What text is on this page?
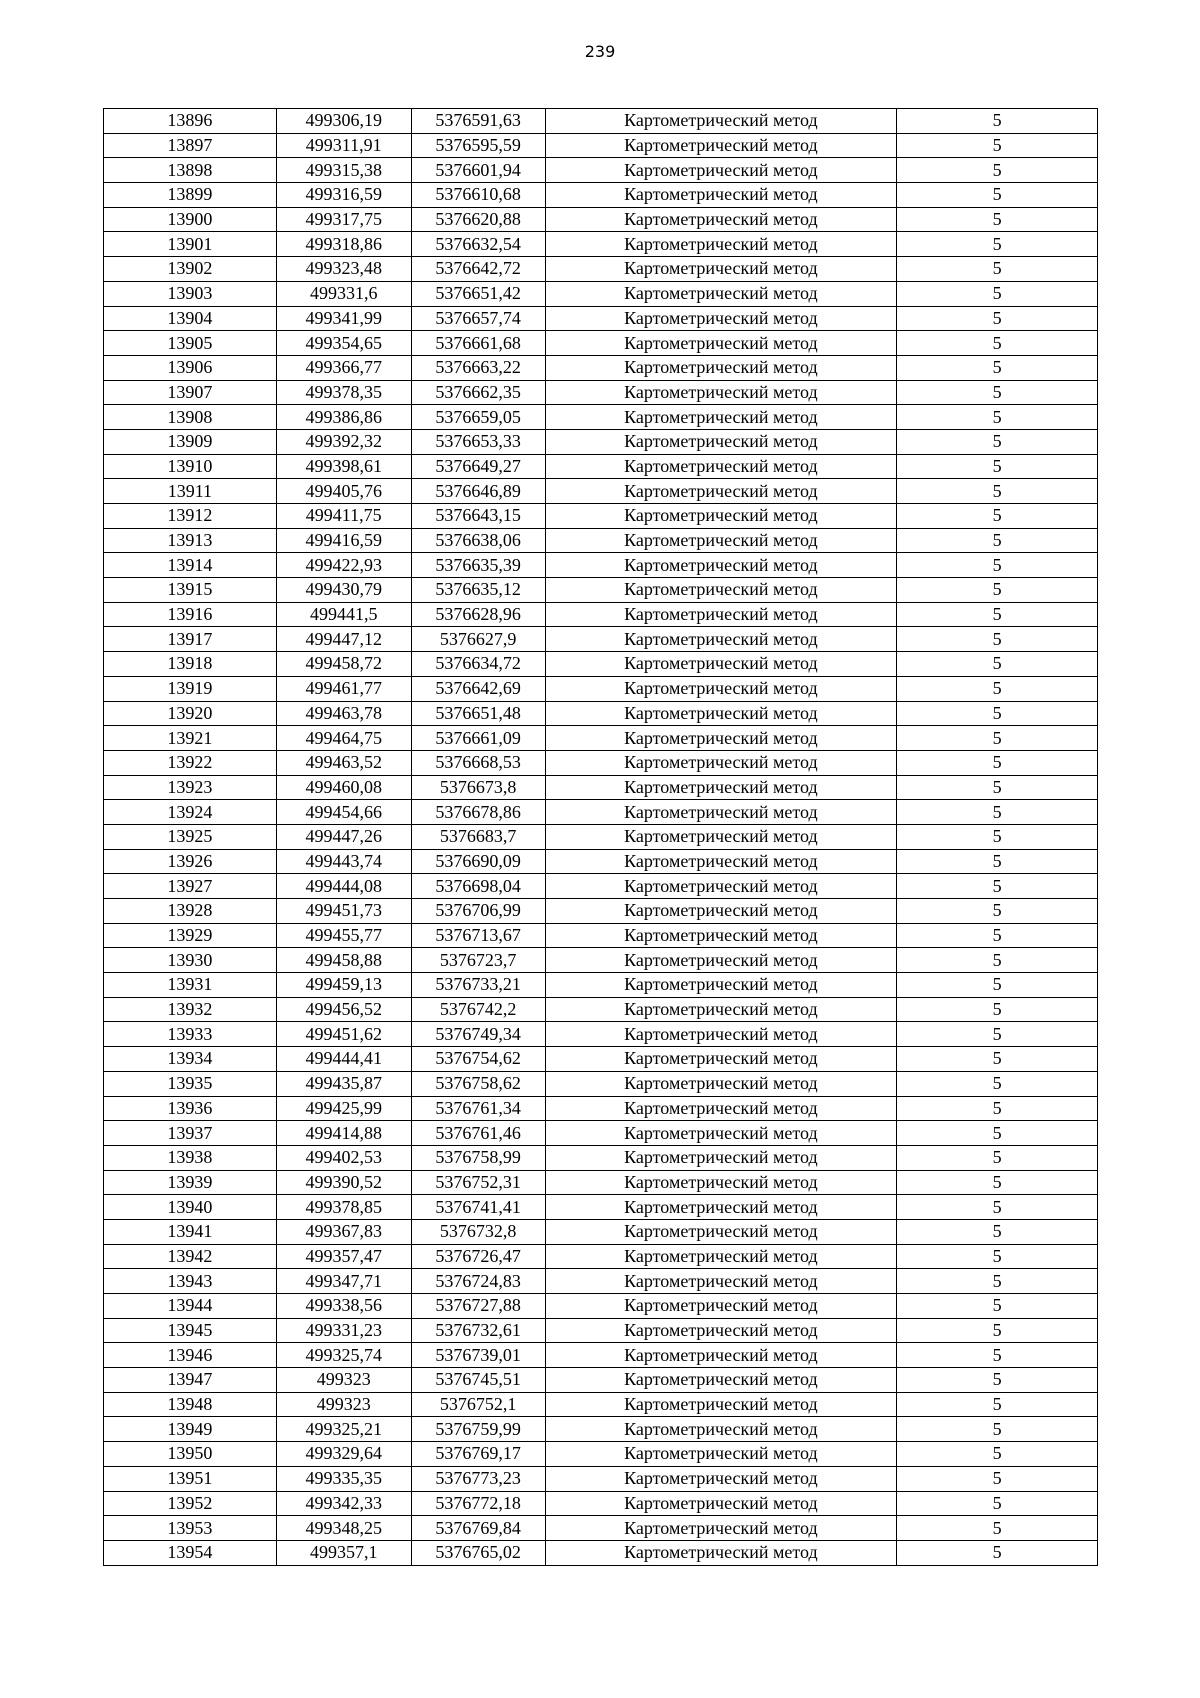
239
13896	499306,19	5376591,63	Картометрический метод	5
13897	499311,91	5376595,59	Картометрический метод	5
13898	499315,38	5376601,94	Картометрический метод	5
13899	499316,59	5376610,68	Картометрический метод	5
13900	499317,75	5376620,88	Картометрический метод	5
13901	499318,86	5376632,54	Картометрический метод	5
13902	499323,48	5376642,72	Картометрический метод	5
13903	499331,6	5376651,42	Картометрический метод	5
13904	499341,99	5376657,74	Картометрический метод	5
13905	499354,65	5376661,68	Картометрический метод	5
13906	499366,77	5376663,22	Картометрический метод	5
13907	499378,35	5376662,35	Картометрический метод	5
13908	499386,86	5376659,05	Картометрический метод	5
13909	499392,32	5376653,33	Картометрический метод	5
13910	499398,61	5376649,27	Картометрический метод	5
13911	499405,76	5376646,89	Картометрический метод	5
13912	499411,75	5376643,15	Картометрический метод	5
13913	499416,59	5376638,06	Картометрический метод	5
13914	499422,93	5376635,39	Картометрический метод	5
13915	499430,79	5376635,12	Картометрический метод	5
13916	499441,5	5376628,96	Картометрический метод	5
13917	499447,12	5376627,9	Картометрический метод	5
13918	499458,72	5376634,72	Картометрический метод	5
13919	499461,77	5376642,69	Картометрический метод	5
13920	499463,78	5376651,48	Картометрический метод	5
13921	499464,75	5376661,09	Картометрический метод	5
13922	499463,52	5376668,53	Картометрический метод	5
13923	499460,08	5376673,8	Картометрический метод	5
13924	499454,66	5376678,86	Картометрический метод	5
13925	499447,26	5376683,7	Картометрический метод	5
13926	499443,74	5376690,09	Картометрический метод	5
13927	499444,08	5376698,04	Картометрический метод	5
13928	499451,73	5376706,99	Картометрический метод	5
13929	499455,77	5376713,67	Картометрический метод	5
13930	499458,88	5376723,7	Картометрический метод	5
13931	499459,13	5376733,21	Картометрический метод	5
13932	499456,52	5376742,2	Картометрический метод	5
13933	499451,62	5376749,34	Картометрический метод	5
13934	499444,41	5376754,62	Картометрический метод	5
13935	499435,87	5376758,62	Картометрический метод	5
13936	499425,99	5376761,34	Картометрический метод	5
13937	499414,88	5376761,46	Картометрический метод	5
13938	499402,53	5376758,99	Картометрический метод	5
13939	499390,52	5376752,31	Картометрический метод	5
13940	499378,85	5376741,41	Картометрический метод	5
13941	499367,83	5376732,8	Картометрический метод	5
13942	499357,47	5376726,47	Картометрический метод	5
13943	499347,71	5376724,83	Картометрический метод	5
13944	499338,56	5376727,88	Картометрический метод	5
13945	499331,23	5376732,61	Картометрический метод	5
13946	499325,74	5376739,01	Картометрический метод	5
13947	499323	5376745,51	Картометрический метод	5
13948	499323	5376752,1	Картометрический метод	5
13949	499325,21	5376759,99	Картометрический метод	5
13950	499329,64	5376769,17	Картометрический метод	5
13951	499335,35	5376773,23	Картометрический метод	5
13952	499342,33	5376772,18	Картометрический метод	5
13953	499348,25	5376769,84	Картометрический метод	5
13954	499357,1	5376765,02	Картометрический метод	5
